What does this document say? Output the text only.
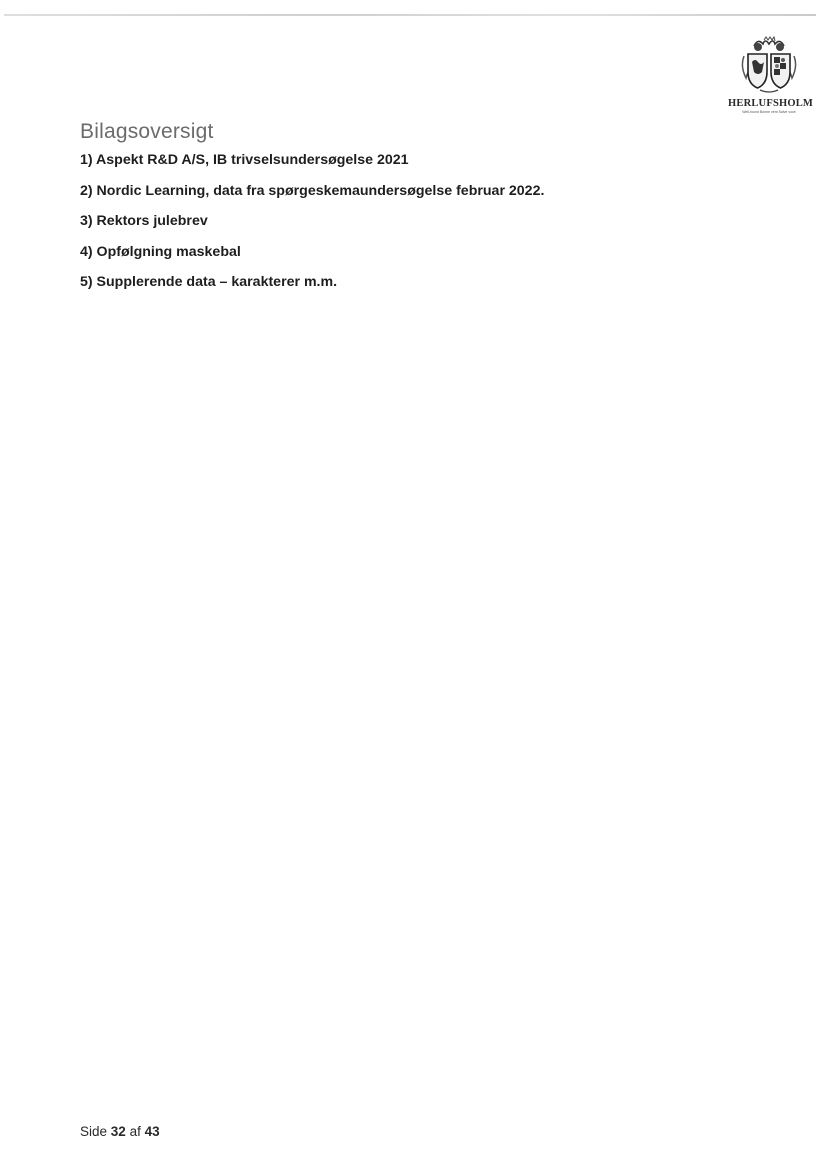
HERLUFSHOLM
Well-found Bonne vent Salve voce
Bilagsoversigt
1) Aspekt R&D A/S, IB trivselsundersøgelse 2021
2) Nordic Learning, data fra spørgeskemaundersøgelse februar 2022.
3) Rektors julebrev
4) Opfølgning maskebal
5) Supplerende data – karakterer m.m.
Side 32 af 43
